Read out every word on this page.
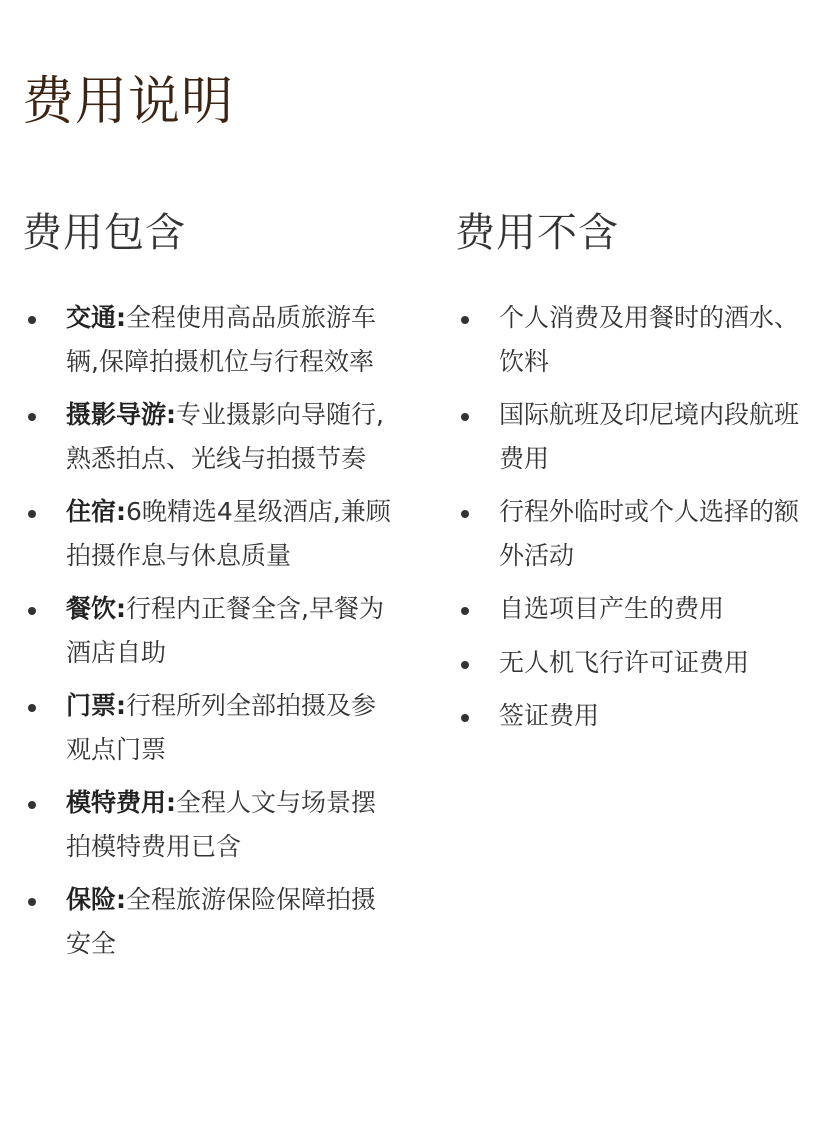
费用说明
费用包含
交通:全程使用高品质旅游车辆,保障拍摄机位与行程效率
摄影导游:专业摄影向导随行,熟悉拍点、光线与拍摄节奏
住宿:6晚精选4星级酒店,兼顾拍摄作息与休息质量
餐饮:行程内正餐全含,早餐为酒店自助
门票:行程所列全部拍摄及参观点门票
模特费用:全程人文与场景摆拍模特费用已含
保险:全程旅游保险保障拍摄安全
费用不含
个人消费及用餐时的酒水、饮料
国际航班及印尼境内段航班费用
行程外临时或个人选择的额外活动
自选项目产生的费用
无人机飞行许可证费用
签证费用
